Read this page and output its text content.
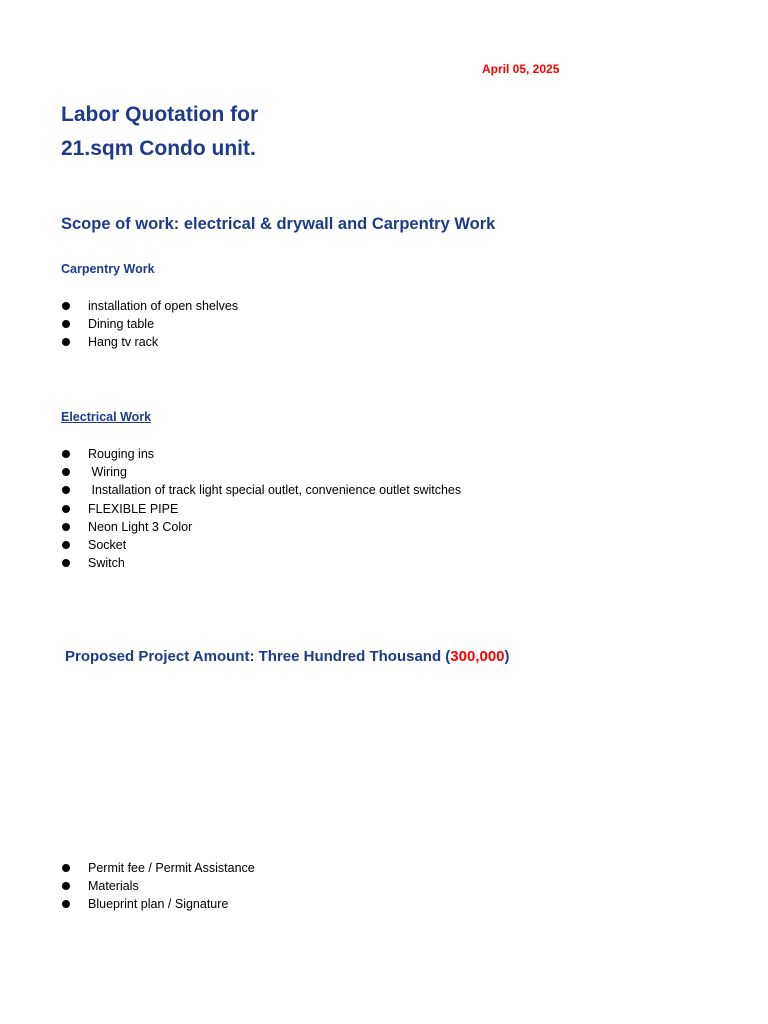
April 05, 2025
Labor Quotation for
21.sqm Condo unit.
Scope of work: electrical & drywall and Carpentry Work
Carpentry Work
installation of open shelves
Dining table
Hang tv rack
Electrical Work
Rouging ins
Wiring
Installation of track light special outlet, convenience outlet switches
FLEXIBLE PIPE
Neon Light 3 Color
Socket
Switch

Proposed Project Amount: Three Hundred Thousand (300,000)

Permit fee / Permit Assistance
Materials
Blueprint plan / Signature
